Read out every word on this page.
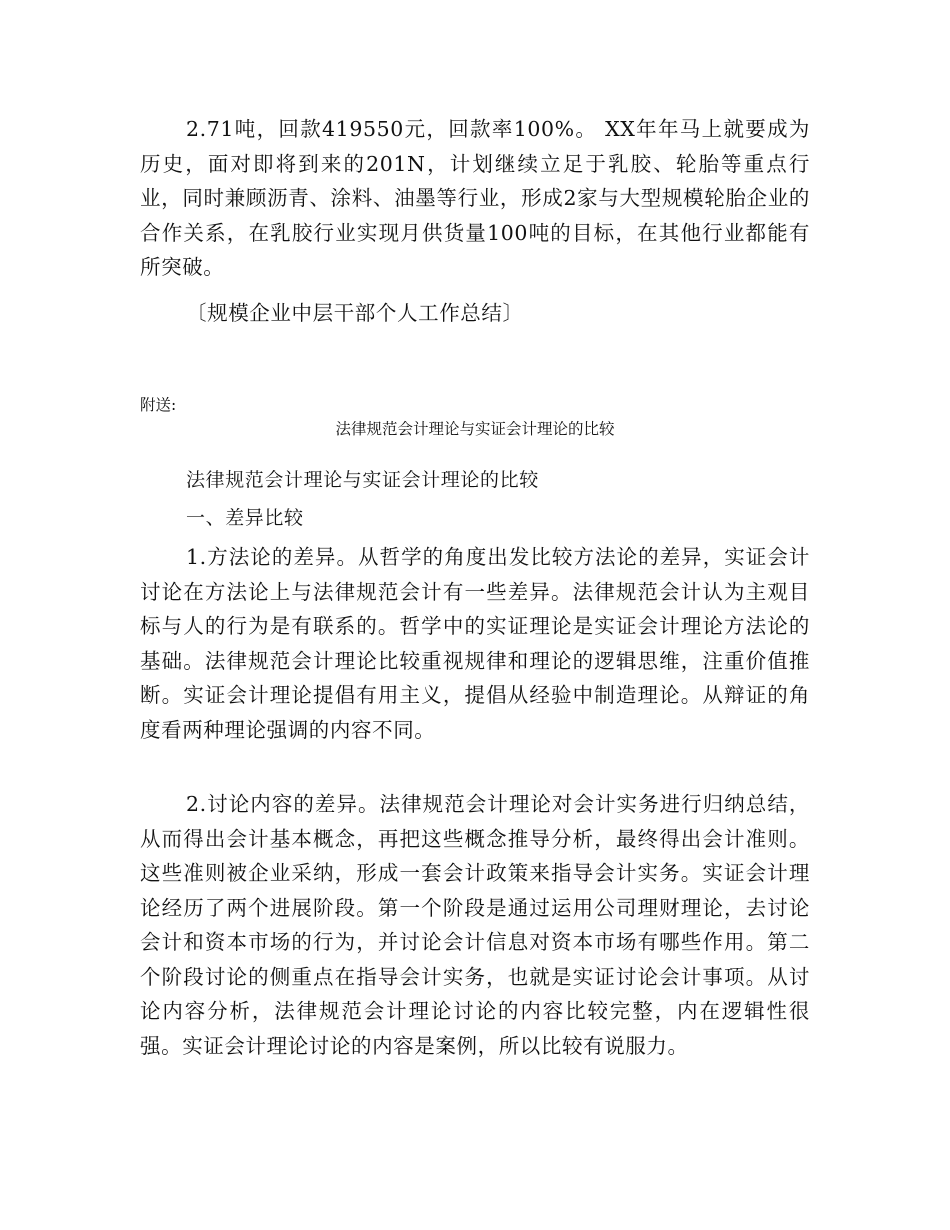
2.71吨，回款419550元，回款率100%。 XX年年马上就要成为历史，面对即将到来的201N，计划继续立足于乳胶、轮胎等重点行业，同时兼顾沥青、涂料、油墨等行业，形成2家与大型规模轮胎企业的合作关系，在乳胶行业实现月供货量100吨的目标，在其他行业都能有所突破。

〔规模企业中层干部个人工作总结〕

附送:

法律规范会计理论与实证会计理论的比较

法律规范会计理论与实证会计理论的比较

一、差异比较

1.方法论的差异。从哲学的角度出发比较方法论的差异，实证会计讨论在方法论上与法律规范会计有一些差异。法律规范会计认为主观目标与人的行为是有联系的。哲学中的实证理论是实证会计理论方法论的基础。法律规范会计理论比较重视规律和理论的逻辑思维，注重价值推断。实证会计理论提倡有用主义，提倡从经验中制造理论。从辩证的角度看两种理论强调的内容不同。

2.讨论内容的差异。法律规范会计理论对会计实务进行归纳总结，从而得出会计基本概念，再把这些概念推导分析，最终得出会计准则。这些准则被企业采纳，形成一套会计政策来指导会计实务。实证会计理论经历了两个进展阶段。第一个阶段是通过运用公司理财理论，去讨论会计和资本市场的行为，并讨论会计信息对资本市场有哪些作用。第二个阶段讨论的侧重点在指导会计实务，也就是实证讨论会计事项。从讨论内容分析，法律规范会计理论讨论的内容比较完整，内在逻辑性很强。实证会计理论讨论的内容是案例，所以比较有说服力。
